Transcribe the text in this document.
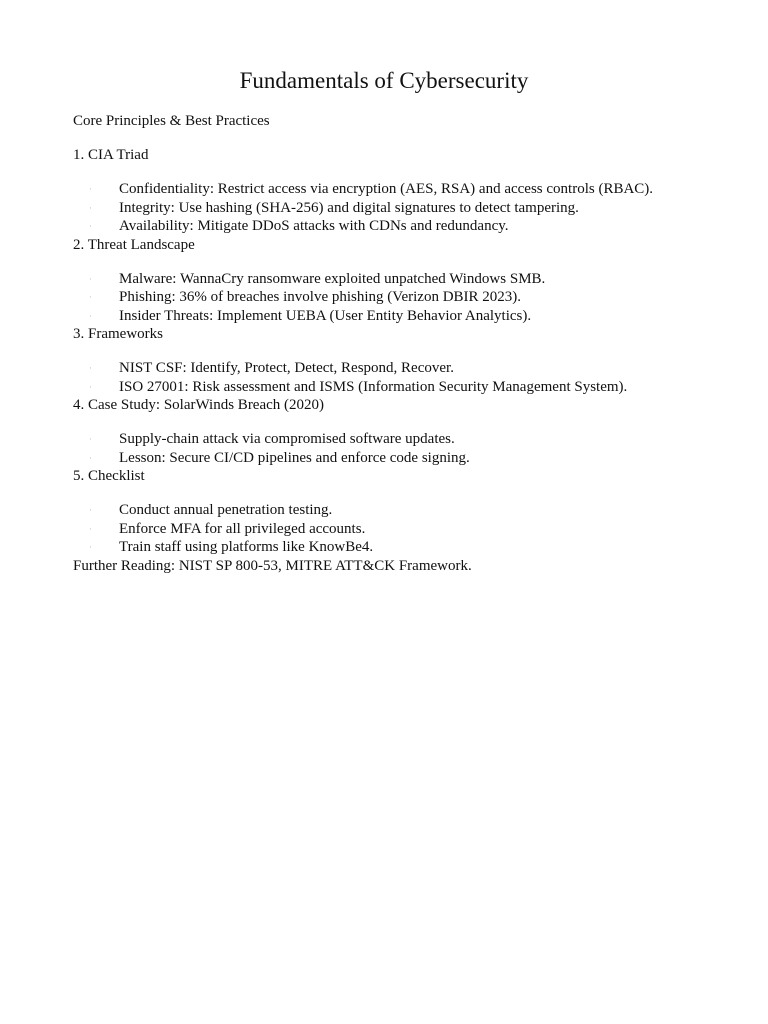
Fundamentals of Cybersecurity

Core Principles & Best Practices

1. CIA Triad

· Confidentiality: Restrict access via encryption (AES, RSA) and access controls (RBAC).
· Integrity: Use hashing (SHA-256) and digital signatures to detect tampering.
· Availability: Mitigate DDoS attacks with CDNs and redundancy.

2. Threat Landscape

· Malware: WannaCry ransomware exploited unpatched Windows SMB.
· Phishing: 36% of breaches involve phishing (Verizon DBIR 2023).
· Insider Threats: Implement UEBA (User Entity Behavior Analytics).

3. Frameworks

· NIST CSF: Identify, Protect, Detect, Respond, Recover.
· ISO 27001: Risk assessment and ISMS (Information Security Management System).

4. Case Study: SolarWinds Breach (2020)

· Supply-chain attack via compromised software updates.
· Lesson: Secure CI/CD pipelines and enforce code signing.

5. Checklist

· Conduct annual penetration testing.
· Enforce MFA for all privileged accounts.
· Train staff using platforms like KnowBe4.

Further Reading: NIST SP 800-53, MITRE ATT&CK Framework.
